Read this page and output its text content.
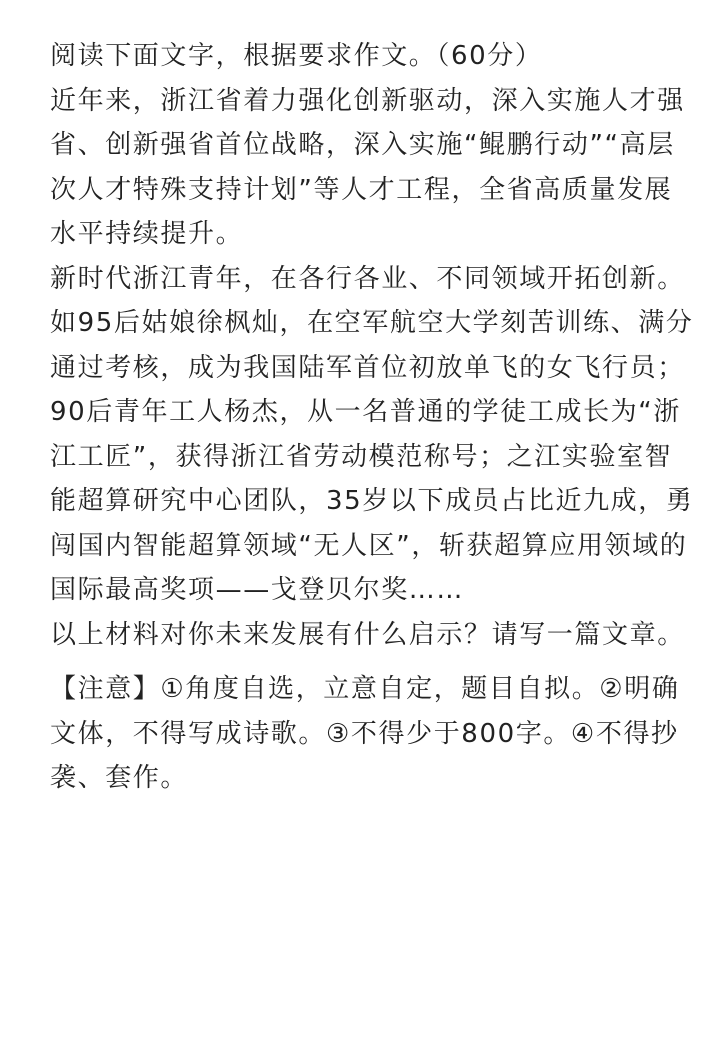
阅读下面文字，根据要求作文。（60分）

近年来，浙江省着力强化创新驱动，深入实施人才强省、创新强省首位战略，深入实施“鲲鹏行动”“高层次人才特殊支持计划”等人才工程，全省高质量发展水平持续提升。

新时代浙江青年，在各行各业、不同领域开拓创新。如95后姑娘徐枫灿，在空军航空大学刻苦训练、满分通过考核，成为我国陆军首位初放单飞的女飞行员；90后青年工人杨杰，从一名普通的学徒工成长为“浙江工匠”，获得浙江省劳动模范称号；之江实验室智能超算研究中心团队，35岁以下成员占比近九成，勇闯国内智能超算领域“无人区”，斩获超算应用领域的国际最高奖项——戈登贝尔奖……

以上材料对你未来发展有什么启示？请写一篇文章。

【注意】①角度自选，立意自定，题目自拟。②明确文体，不得写成诗歌。③不得少于800字。④不得抄袭、套作。
